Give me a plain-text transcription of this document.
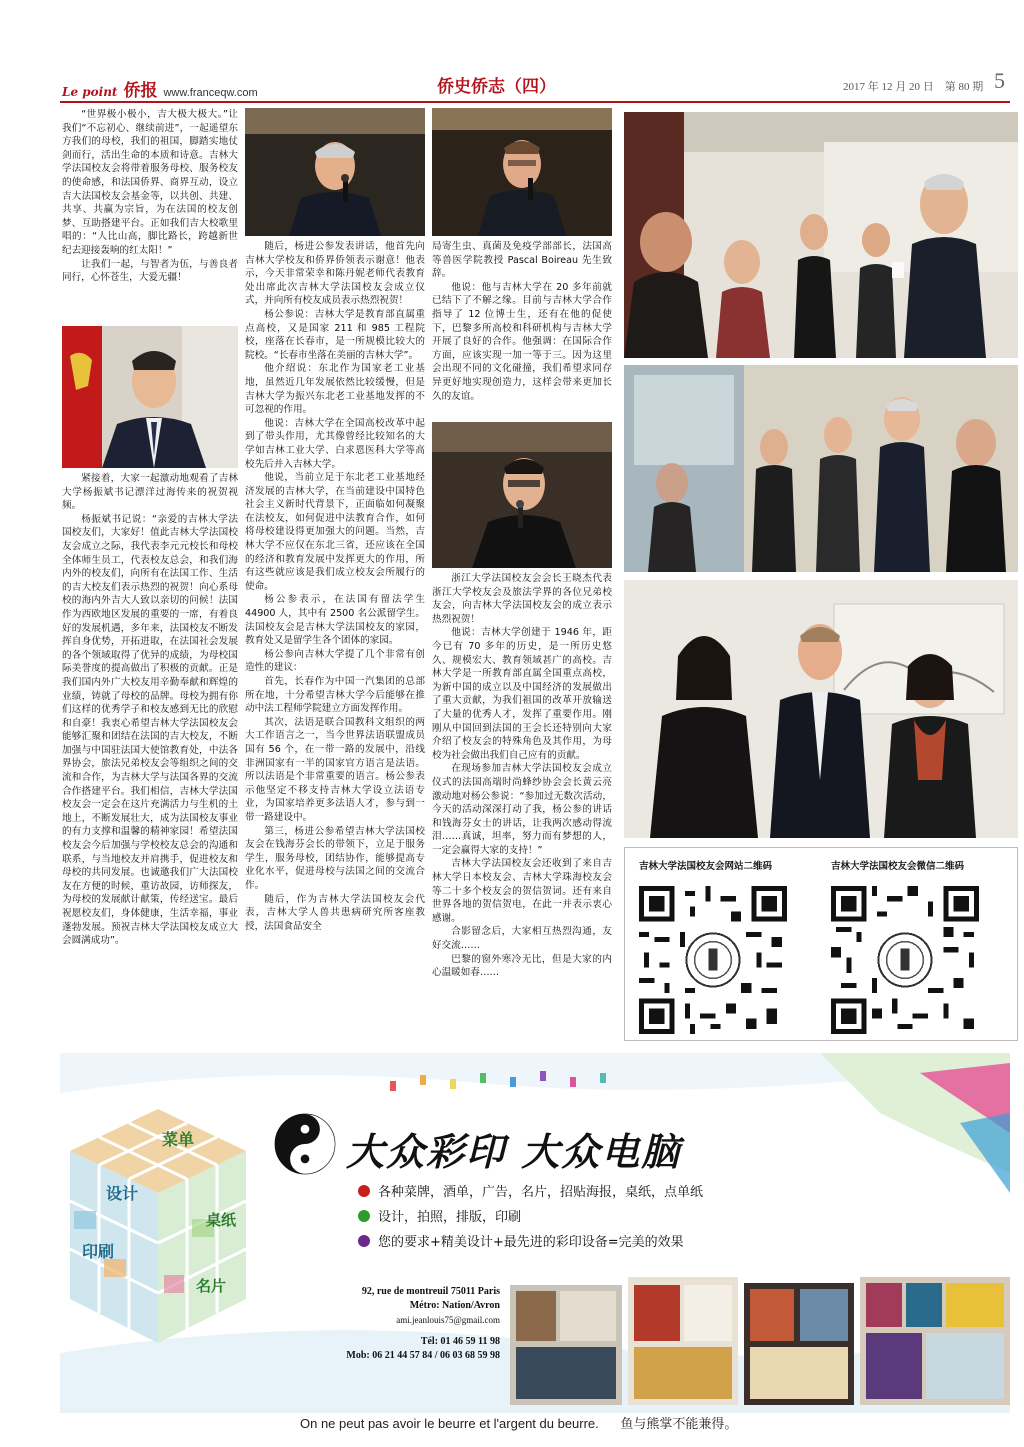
Le point 侨报 www.franceqw.com	侨史侨志（四）	2017 年 12 月 20 日　第 80 期 5

“世界极小极小，吉大极大极大。”让我们“不忘初心、继续前进”，一起遥望东方我们的母校，我们的祖国，脚踏实地仗剑而行，活出生命的本质和诗意。吉林大学法国校友会将带着服务母校、服务校友的使命感，和法国侨界、商界互动，设立吉大法国校友会基金等，以共创、共建、共享、共赢为宗旨，为在法国的校友创梦、互助搭建平台。正如我们吉大校歌里唱的：“人比山高，脚比路长，跨越新世纪去迎接轰响的红太阳！”

让我们一起，与智者为伍，与善良者同行，心怀苍生，大爱无疆！

紧接着，大家一起激动地观看了吉林大学杨振斌书记漂洋过海传来的祝贺视频。

杨振斌书记说：“亲爱的吉林大学法国校友们，大家好！值此吉林大学法国校友会成立之际，我代表李元元校长和母校全体师生员工，代表校友总会，和我们海内外的校友们，向所有在法国工作、生活的吉大校友们表示热烈的祝贺！向心系母校的海内外吉大人致以亲切的问候！法国作为西欧地区发展的重要的一席，有着良好的发展机遇，多年来，法国校友不断发挥自身优势，开拓进取，在法国社会发展的各个领域取得了优异的成绩，为母校国际美誉度的提高做出了积极的贡献。正是我们国内外广大校友用辛勤奉献和辉煌的业绩，铸就了母校的品牌。母校为拥有你们这样的优秀学子和校友感到无比的欣慰和自豪！我衷心希望吉林大学法国校友会能够汇聚和团结在法国的吉大校友，不断加强与中国驻法国大使馆教育处，中法各界协会，旅法兄弟校友会等组织之间的交流和合作，为吉林大学与法国各界的交流合作搭建平台。我们相信，吉林大学法国校友会一定会在这片充满活力与生机的土地上，不断发展壮大，成为法国校友事业的有力支撑和温馨的精神家园！希望法国校友会今后加强与学校校友总会的沟通和联系，与当地校友并肩携手，促进校友和母校的共同发展。也诚邀我们广大法国校友在方便的时候，重访故园，访师探友，为母校的发展献计献策，传经送宝。最后祝愿校友们，身体健康，生活幸福，事业蓬勃发展。预祝吉林大学法国校友成立大会圆满成功”。

随后，杨进公参发表讲话，他首先向吉林大学校友和侨界侨领表示谢意！他表示，今天非常荣幸和陈丹妮老师代表教育处出席此次吉林大学法国校友会成立仪式，并向所有校友成员表示热烈祝贺！

杨公参说：吉林大学是教育部直属重点高校，又是国家 211 和 985 工程院校，座落在长春市，是一所规模比较大的院校。“长春市坐落在美丽的吉林大学”。

他介绍说：东北作为国家老工业基地，虽然近几年发展依然比较缓慢，但是吉林大学为振兴东北老工业基地发挥的不可忽视的作用。

他说：吉林大学在全国高校改革中起到了带头作用，尤其像曾经比较知名的大学如吉林工业大学、白求恩医科大学等高校先后并入吉林大学。

他说，当前立足于东北老工业基地经济发展的吉林大学，在当前建设中国特色社会主义新时代背景下，正面临如何凝聚在法校友，如何促进中法教育合作，如何将母校建设得更加强大的问题。当然，吉林大学不应仅在东北三省，还应该在全国的经济和教育发展中发挥更大的作用，所有这些就应该是我们成立校友会所履行的使命。

杨公参表示，在法国有留法学生 44900 人，其中有 2500 名公派留学生。法国校友会是吉林大学法国校友的家园，教育处又是留学生各个团体的家园。

杨公参向吉林大学提了几个非常有创造性的建议：

首先，长春作为中国一汽集团的总部所在地，十分希望吉林大学今后能够在推动中法工程师学院建立方面发挥作用。

其次，法语是联合国教科文组织的两大工作语言之一，当今世界法语联盟成员国有 56 个，在一带一路的发展中，沿线非洲国家有一半的国家官方语言是法语。所以法语是个非常重要的语言。杨公参表示他坚定不移支持吉林大学设立法语专业，为国家培养更多法语人才，参与到一带一路建设中。

第三，杨进公参希望吉林大学法国校友会在钱海芬会长的带领下，立足于服务学生，服务母校，团结协作，能够提高专业化水平，促进母校与法国之间的交流合作。

随后，作为吉林大学法国校友会代表，吉林大学人兽共患病研究所客座教授，法国食品安全

局寄生虫、真菌及免疫学部部长，法国高等兽医学院教授 Pascal Boireau 先生致辞。

他说：他与吉林大学在 20 多年前就已结下了不解之缘。目前与吉林大学合作指导了 12 位博士生，还有在他的促使下，巴黎多所高校和科研机构与吉林大学开展了良好的合作。他强调：在国际合作方面，应该实现一加一等于三。因为这里会出现不同的文化碰撞，我们希望求同存异更好地实现创造力，这样会带来更加长久的友谊。

浙江大学法国校友会会长王晓杰代表浙江大学校友会及旅法学界的各位兄弟校友会，向吉林大学法国校友会的成立表示热烈祝贺！

他说：吉林大学创建于 1946 年，距今已有 70 多年的历史，是一所历史悠久、规模宏大、教育领域甚广的高校。吉林大学是一所教育部直属全国重点高校，为新中国的成立以及中国经济的发展做出了重大贡献，为我们祖国的改革开放输送了大量的优秀人才，发挥了重要作用。刚刚从中国回到法国的王会长还特别向大家介绍了校友会的特殊角色及其作用，为母校为社会做出我们自己应有的贡献。

在现场参加吉林大学法国校友会成立仪式的法国高端时尚蜂纱协会会长黄云亮激动地对杨公参说：“参加过无数次活动，今天的活动深深打动了我，杨公参的讲话和钱海芬女士的讲话，让我两次感动得流泪……真诚，坦率，努力而有梦想的人，一定会赢得大家的支持！”

吉林大学法国校友会还收到了来自吉林大学日本校友会、吉林大学珠海校友会等二十多个校友会的贺信贺词。还有来自世界各地的贺信贺电，在此一并表示衷心感谢。

合影留念后，大家相互热烈沟通，友好交流……

巴黎的窗外寒冷无比，但是大家的内心温暖如春……

吉林大学法国校友会网站二维码	吉林大学法国校友会微信二维码
菜单
设计
桌纸
印刷
名片
大众彩印 大众电脑
各种菜牌，酒单，广告，名片，招贴海报，桌纸，点单纸
设计，拍照，排版，印刷
您的要求+精美设计+最先进的彩印设备=完美的效果
92, rue de montreuil 75011 Paris
Métro: Nation/Avron
ami.jeanlouis75@gmail.com
Tél: 01 46 59 11 98
Mob: 06 21 44 57 84 / 06 03 68 59 98
On ne peut pas avoir le beurre et l'argent du beurre. 鱼与熊掌不能兼得。
